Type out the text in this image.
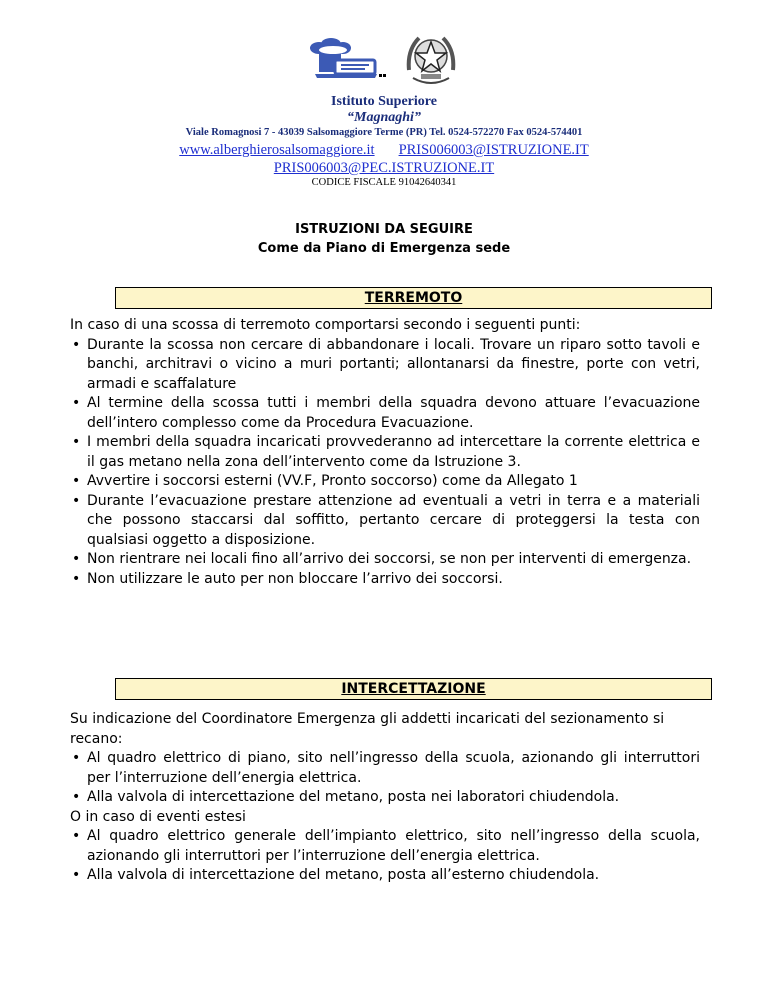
Istituto Superiore
“Magnaghi”
Viale Romagnosi 7 - 43039 Salsomaggiore Terme (PR) Tel. 0524-572270 Fax 0524-574401
www.alberghierosalsomaggiore.it PRIS006003@ISTRUZIONE.IT
PRIS006003@PEC.ISTRUZIONE.IT
CODICE FISCALE 91042640341
ISTRUZIONI DA SEGUIRE
Come da Piano di Emergenza sede
TERREMOTO

In caso di una scossa di terremoto comportarsi secondo i seguenti punti:

• Durante la scossa non cercare di abbandonare i locali. Trovare un riparo sotto tavoli e banchi, architravi o vicino a muri portanti; allontanarsi da finestre, porte con vetri, armadi e scaffalature
• Al termine della scossa tutti i membri della squadra devono attuare l’evacuazione dell’intero complesso come da Procedura Evacuazione.
• I membri della squadra incaricati provvederanno ad intercettare la corrente elettrica e il gas metano nella zona dell’intervento come da Istruzione 3.
• Avvertire i soccorsi esterni (VV.F, Pronto soccorso) come da Allegato 1
• Durante l’evacuazione prestare attenzione ad eventuali a vetri in terra e a materiali che possono staccarsi dal soffitto, pertanto cercare di proteggersi la testa con qualsiasi oggetto a disposizione.
• Non rientrare nei locali fino all’arrivo dei soccorsi, se non per interventi di emergenza.
• Non utilizzare le auto per non bloccare l’arrivo dei soccorsi.
INTERCETTAZIONE

Su indicazione del Coordinatore Emergenza gli addetti incaricati del sezionamento si recano:

• Al quadro elettrico di piano, sito nell’ingresso della scuola, azionando gli interruttori per l’interruzione dell’energia elettrica.
• Alla valvola di intercettazione del metano, posta nei laboratori chiudendola.

O in caso di eventi estesi

• Al quadro elettrico generale dell’impianto elettrico, sito nell’ingresso della scuola, azionando gli interruttori per l’interruzione dell’energia elettrica.
• Alla valvola di intercettazione del metano, posta all’esterno chiudendola.
